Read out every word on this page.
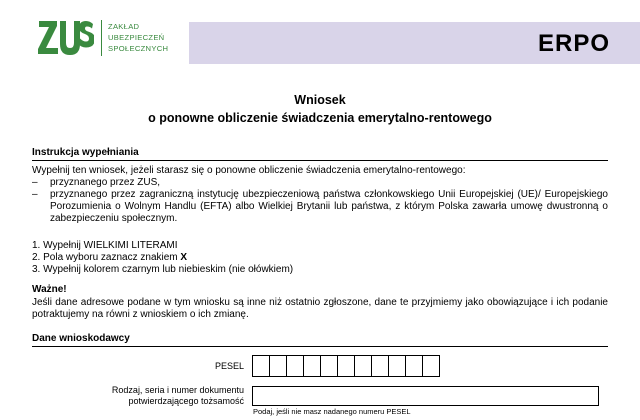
ZAKŁAD
UBEZPIECZEŃ
SPOŁECZNYCH	ERPO
Wniosek
o ponowne obliczenie świadczenia emerytalno-rentowego
Instrukcja wypełniania
Wypełnij ten wniosek, jeżeli starasz się o ponowne obliczenie świadczenia emerytalno-rentowego:
– przyznanego przez ZUS,
– przyznanego przez zagraniczną instytucję ubezpieczeniową państwa członkowskiego Unii Europejskiej (UE)/ Europejskiego Porozumienia o Wolnym Handlu (EFTA) albo Wielkiej Brytanii lub państwa, z którym Polska zawarła umowę dwustronną o zabezpieczeniu społecznym.
1. Wypełnij WIELKIMI LITERAMI
2. Pola wyboru zaznacz znakiem X
3. Wypełnij kolorem czarnym lub niebieskim (nie ołówkiem)
Ważne!
Jeśli dane adresowe podane w tym wniosku są inne niż ostatnio zgłoszone, dane te przyjmiemy jako obowiązujące i ich podanie potraktujemy na równi z wnioskiem o ich zmianę.
Dane wnioskodawcy
PESEL
Rodzaj, seria i numer dokumentu
potwierdzającego tożsamość
Podaj, jeśli nie masz nadanego numeru PESEL
